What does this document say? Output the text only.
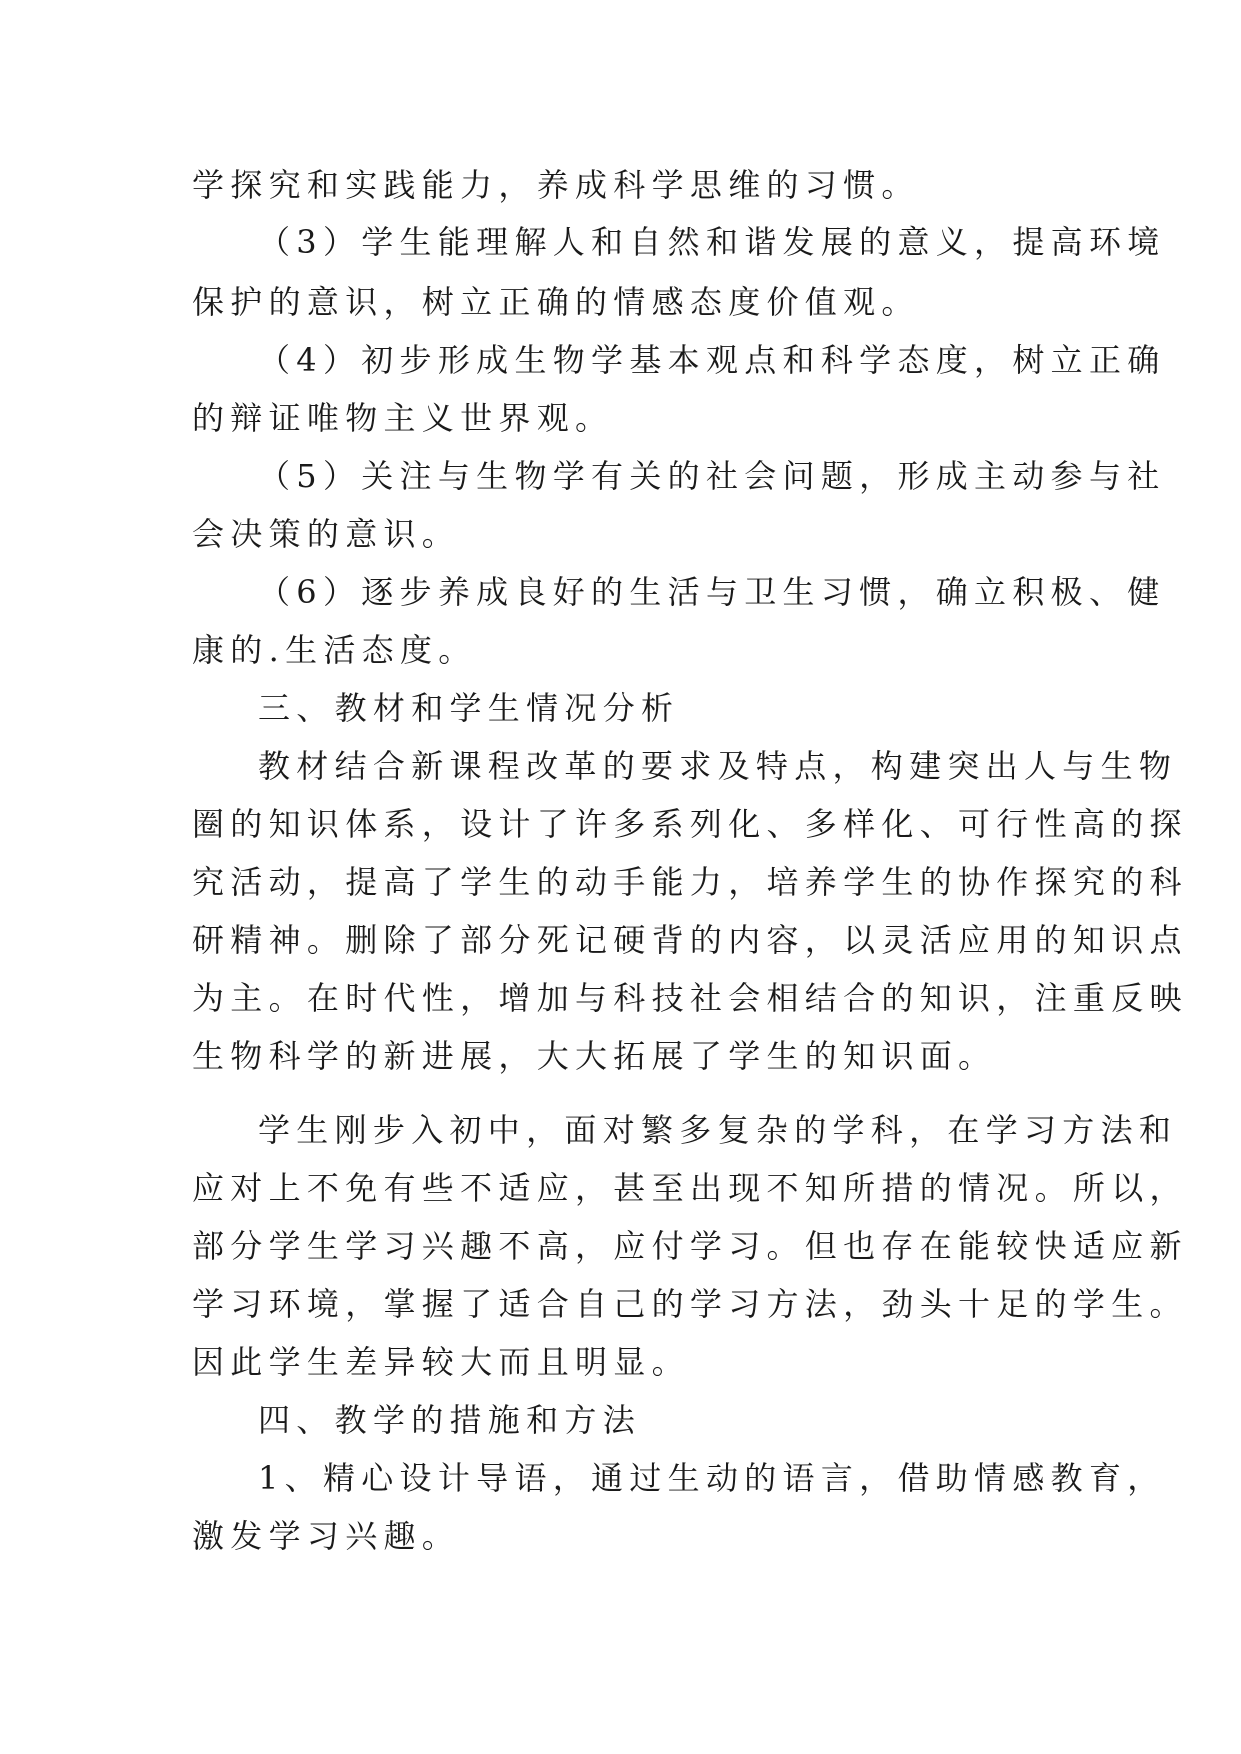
学探究和实践能力，养成科学思维的习惯。
（3）学生能理解人和自然和谐发展的意义，提高环境
保护的意识，树立正确的情感态度价值观。
（4）初步形成生物学基本观点和科学态度，树立正确
的辩证唯物主义世界观。
（5）关注与生物学有关的社会问题，形成主动参与社
会决策的意识。
（6）逐步养成良好的生活与卫生习惯，确立积极、健
康的.生活态度。
三、教材和学生情况分析
教材结合新课程改革的要求及特点，构建突出人与生物
圈的知识体系，设计了许多系列化、多样化、可行性高的探
究活动，提高了学生的动手能力，培养学生的协作探究的科
研精神。删除了部分死记硬背的内容，以灵活应用的知识点
为主。在时代性，增加与科技社会相结合的知识，注重反映
生物科学的新进展，大大拓展了学生的知识面。
学生刚步入初中，面对繁多复杂的学科，在学习方法和
应对上不免有些不适应，甚至出现不知所措的情况。所以，
部分学生学习兴趣不高，应付学习。但也存在能较快适应新
学习环境，掌握了适合自己的学习方法，劲头十足的学生。
因此学生差异较大而且明显。
四、教学的措施和方法
1、精心设计导语，通过生动的语言，借助情感教育，
激发学习兴趣。
